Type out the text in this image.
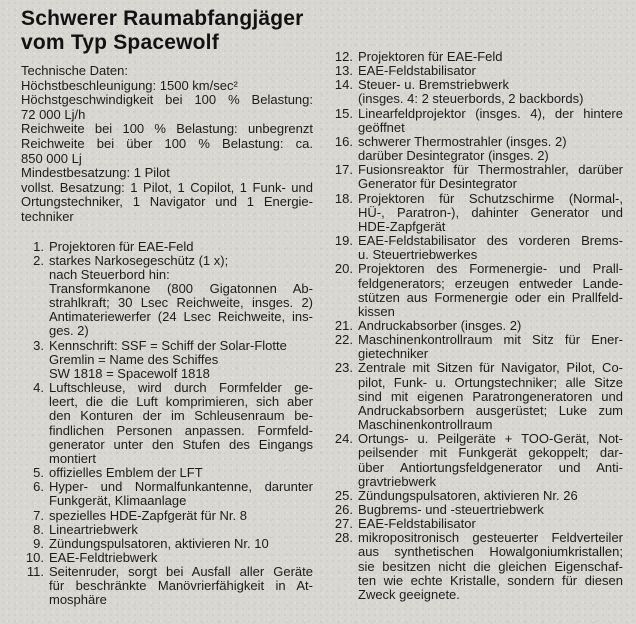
Schwerer Raumabfangjäger
vom Typ Spacewolf
Technische Daten:
Höchstbeschleunigung: 1500 km/sec²
Höchstgeschwindigkeit bei 100 % Belastung:
72 000 Lj/h
Reichweite bei 100 % Belastung: unbegrenzt
Reichweite bei über 100 % Belastung: ca.
850 000 Lj
Mindestbesatzung: 1 Pilot
vollst. Besatzung: 1 Pilot, 1 Copilot, 1 Funk- und
Ortungstechniker, 1 Navigator und 1 Energie-
techniker
1. Projektoren für EAE-Feld
2. starkes Narkosegeschütz (1 x);
nach Steuerbord hin:
Transformkanone (800 Gigatonnen Ab-
strahlkraft; 30 Lsec Reichweite, insges. 2)
Antimateriewerfer (24 Lsec Reichweite, ins-
ges. 2)
3. Kennschrift: SSF = Schiff der Solar-Flotte
Gremlin = Name des Schiffes
SW 1818 = Spacewolf 1818
4. Luftschleuse, wird durch Formfelder ge-
leert, die die Luft komprimieren, sich aber
den Konturen der im Schleusenraum be-
findlichen Personen anpassen. Formfeld-
generator unter den Stufen des Eingangs
montiert
5. offizielles Emblem der LFT
6. Hyper- und Normalfunkantenne, darunter
Funkgerät, Klimaanlage
7. spezielles HDE-Zapfgerät für Nr. 8
8. Lineartriebwerk
9. Zündungspulsatoren, aktivieren Nr. 10
10. EAE-Feldtriebwerk
11. Seitenruder, sorgt bei Ausfall aller Geräte
für beschränkte Manövrierfähigkeit in At-
mosphäre
12. Projektoren für EAE-Feld
13. EAE-Feldstabilisator
14. Steuer- u. Bremstriebwerk
(insges. 4: 2 steuerbords, 2 backbords)
15. Linearfeldprojektor (insges. 4), der hintere
geöffnet
16. schwerer Thermostrahler (insges. 2)
darüber Desintegrator (insges. 2)
17. Fusionsreaktor für Thermostrahler, darüber
Generator für Desintegrator
18. Projektoren für Schutzschirme (Normal-,
HÜ-, Paratron-), dahinter Generator und
HDE-Zapfgerät
19. EAE-Feldstabilisator des vorderen Brems-
u. Steuertriebwerkes
20. Projektoren des Formenergie- und Prall-
feldgenerators; erzeugen entweder Lande-
stützen aus Formenergie oder ein Prallfeld-
kissen
21. Andruckabsorber (insges. 2)
22. Maschinenkontrollraum mit Sitz für Ener-
gietechniker
23. Zentrale mit Sitzen für Navigator, Pilot, Co-
pilot, Funk- u. Ortungstechniker; alle Sitze
sind mit eigenen Paratrongeneratoren und
Andruckabsorbern ausgerüstet; Luke zum
Maschinenkontrollraum
24. Ortungs- u. Peilgeräte + TOO-Gerät, Not-
peilsender mit Funkgerät gekoppelt; dar-
über Antiortungsfeldgenerator und Anti-
gravtriebwerk
25. Zündungspulsatoren, aktivieren Nr. 26
26. Bugbrems- und -steuertriebwerk
27. EAE-Feldstabilisator
28. mikropositronisch gesteuerter Feldverteiler
aus synthetischen Howalgoniumkristallen;
sie besitzen nicht die gleichen Eigenschaf-
ten wie echte Kristalle, sondern für diesen
Zweck geeignete.
